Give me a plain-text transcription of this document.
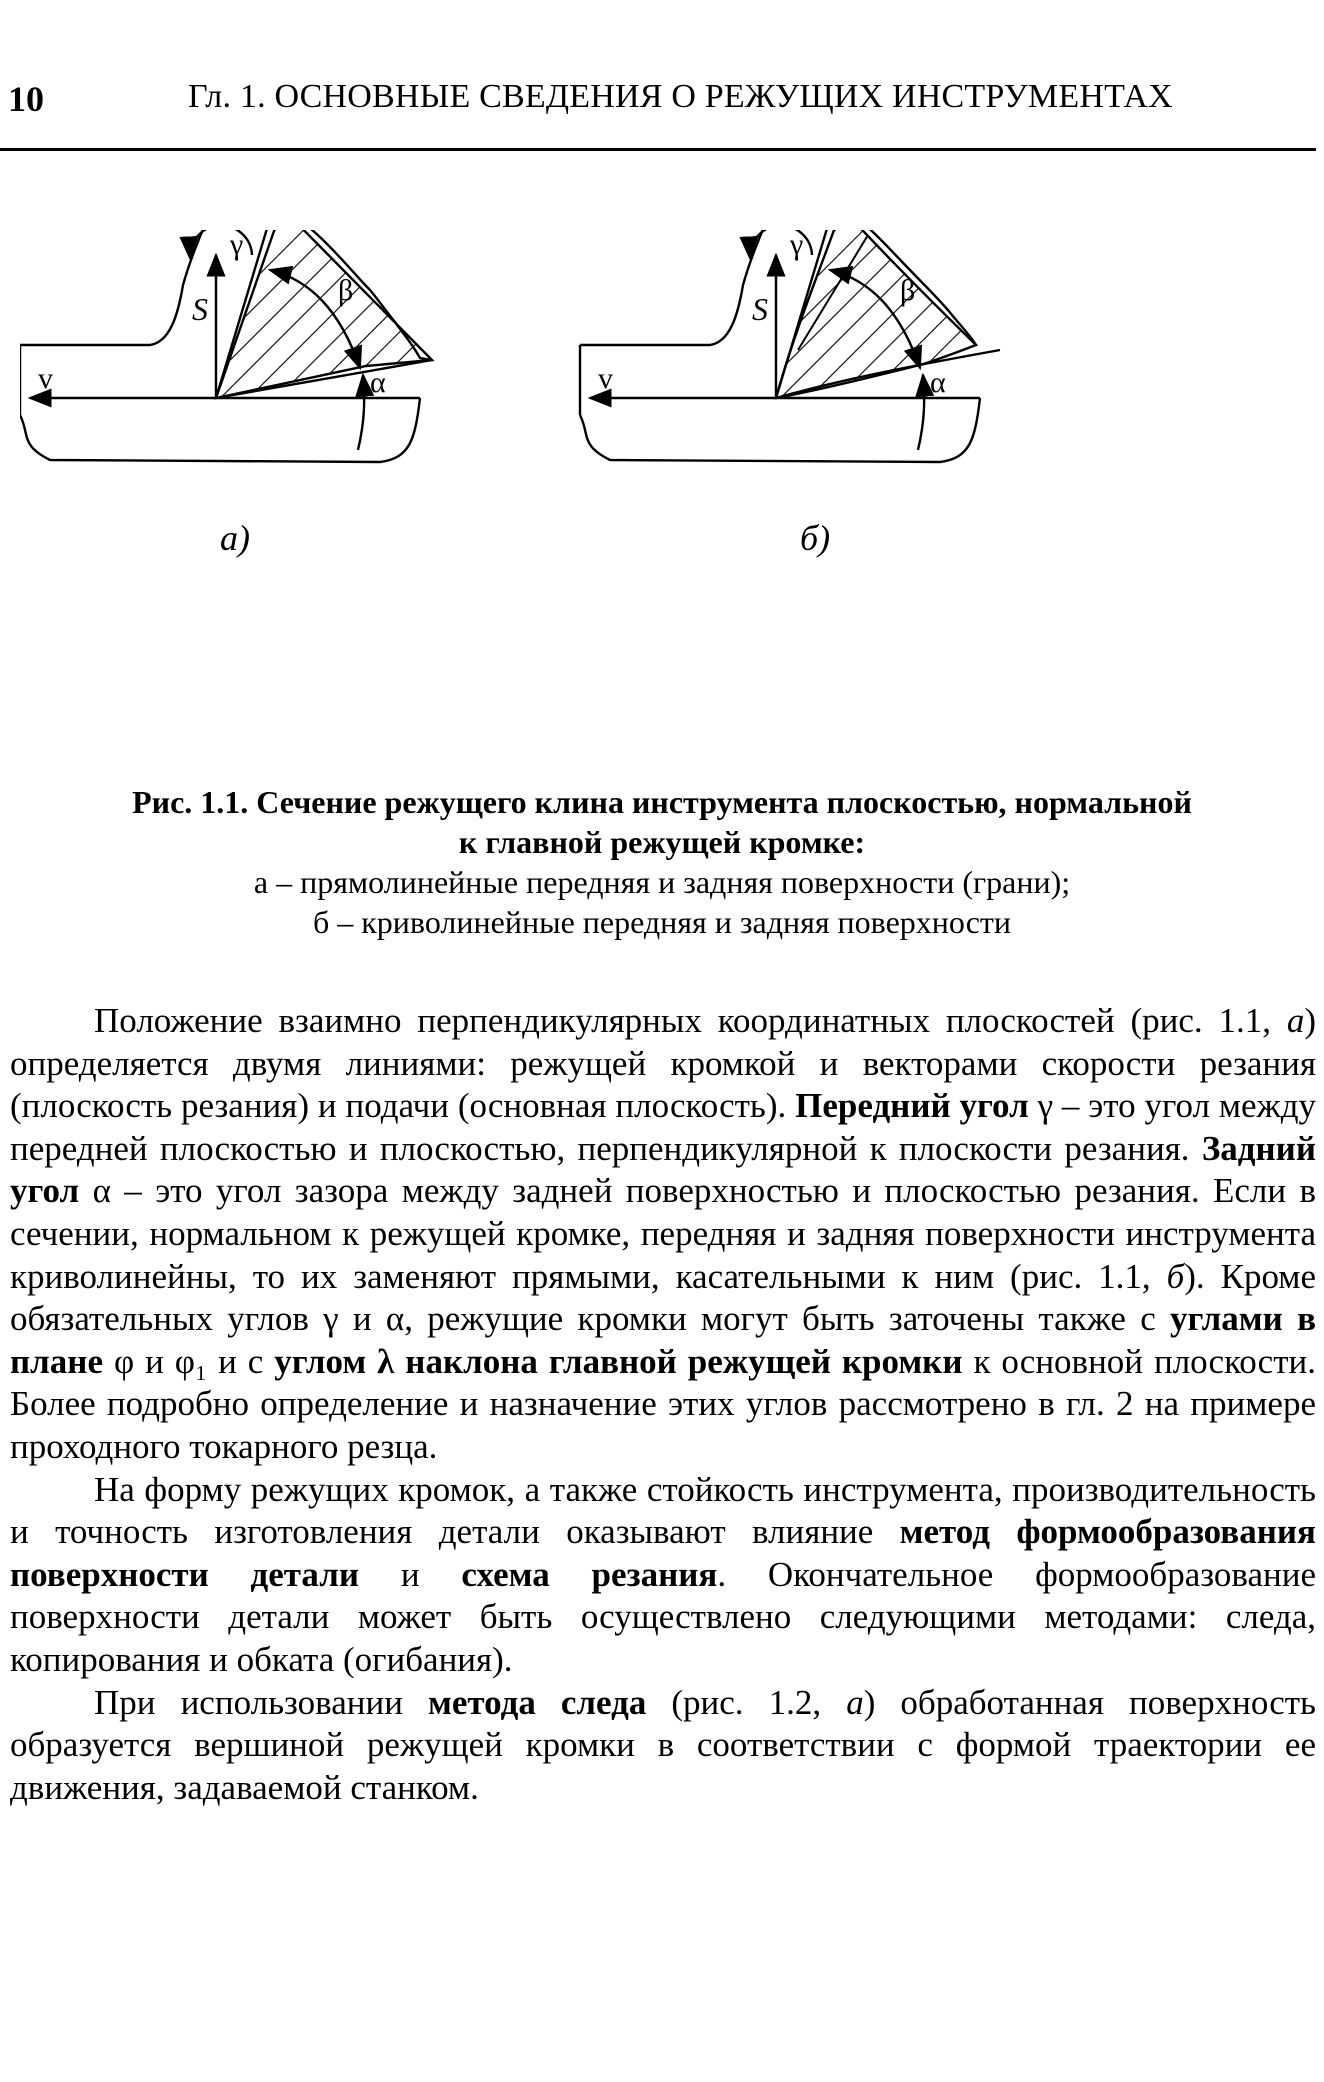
10	Гл. 1. ОСНОВНЫЕ СВЕДЕНИЯ О РЕЖУЩИХ ИНСТРУМЕНТАХ
S
v
γ
β
α
а)
S
v
γ
β
α
б)
Рис. 1.1. Сечение режущего клина инструмента плоскостью, нормальной
к главной режущей кромке:
а – прямолинейные передняя и задняя поверхности (грани);
б – криволинейные передняя и задняя поверхности

Положение взаимно перпендикулярных координатных плоскостей (рис. 1.1, а) определяется двумя линиями: режущей кромкой и векторами скорости резания (плоскость резания) и подачи (основная плоскость). Передний угол γ – это угол между передней плоскостью и плоскостью, перпендикулярной к плоскости резания. Задний угол α – это угол зазора между задней поверхностью и плоскостью резания. Если в сечении, нормальном к режущей кромке, передняя и задняя поверхности инструмента криволинейны, то их заменяют прямыми, касательными к ним (рис. 1.1, б). Кроме обязательных углов γ и α, режущие кромки могут быть заточены также с углами в плане φ и φ₁ и с углом λ наклона главной режущей кромки к основной плоскости. Более подробно определение и назначение этих углов рассмотрено в гл. 2 на примере проходного токарного резца.

На форму режущих кромок, а также стойкость инструмента, производительность и точность изготовления детали оказывают влияние метод формообразования поверхности детали и схема резания. Окончательное формообразование поверхности детали может быть осуществлено следующими методами: следа, копирования и обката (огибания).

При использовании метода следа (рис. 1.2, а) обработанная поверхность образуется вершиной режущей кромки в соответствии с формой траектории ее движения, задаваемой станком.
